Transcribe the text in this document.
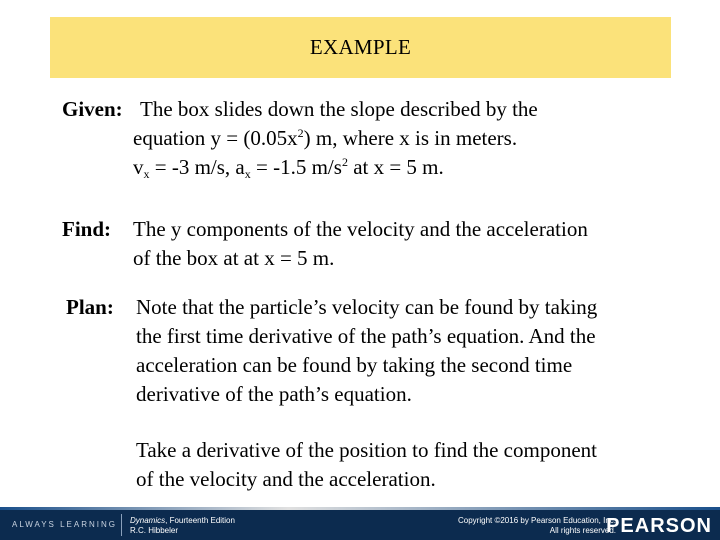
EXAMPLE
Given: The box slides down the slope described by the
equation $y = (0.05x^2)$ m, where x is in meters.
$v_x = -3$ m/s, $a_x = -1.5$ $m/s^2$ at x = 5 m.
Find: The y components of the velocity and the acceleration
of the box at at x = 5 m.
Plan: Note that the particle’s velocity can be found by taking
the first time derivative of the path’s equation. And the
acceleration can be found by taking the second time
derivative of the path’s equation.
Take a derivative of the position to find the component
of the velocity and the acceleration.
ALWAYS LEARNING Dynamics, Fourteenth Edition
R.C. Hibbeler
Copyright ©2016 by Pearson Education, Inc.
All rights reserved.
PEARSON
